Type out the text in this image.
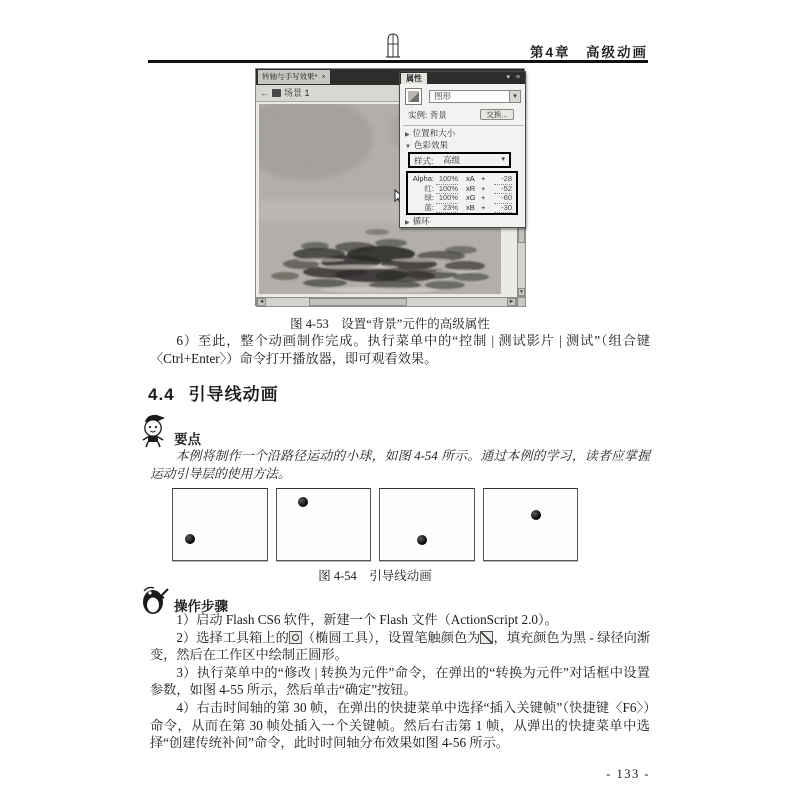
第4章　高级动画
转轴与手写效果* ×
← 场景 1
◄	►
▼
属性	▾ ≡
图形	▾
实例: 背景	交换...
▶ 位置和大小
▼ 色彩效果
样式:	高级	▾
Alpha: 100% xA +	-28
红: 100% xR +	-52
绿: 100% xG +	-60
蓝:	23% xB +	-30
▶ 循环
图 4-53　设置“背景”元件的高级属性

6）至此，整个动画制作完成。执行菜单中的“控制 | 测试影片 | 测试”（组合键〈Ctrl+Enter〉）命令打开播放器，即可观看效果。

4.4 引导线动画
要点

本例将制作一个沿路径运动的小球，如图 4-54 所示。通过本例的学习，读者应掌握运动引导层的使用方法。

图 4-54　引导线动画
操作步骤

1）启动 Flash CS6 软件，新建一个 Flash 文件（ActionScript 2.0）。

2）选择工具箱上的 （椭圆工具），设置笔触颜色为 ，填充颜色为黑 - 绿径向渐变，然后在工作区中绘制正圆形。

3）执行菜单中的“修改 | 转换为元件”命令，在弹出的“转换为元件”对话框中设置参数，如图 4-55 所示，然后单击“确定”按钮。

4）右击时间轴的第 30 帧，在弹出的快捷菜单中选择“插入关键帧”（快捷键〈F6〉）命令，从而在第 30 帧处插入一个关键帧。然后右击第 1 帧，从弹出的快捷菜单中选择“创建传统补间”命令，此时时间轴分布效果如图 4-56 所示。

- 133 -
